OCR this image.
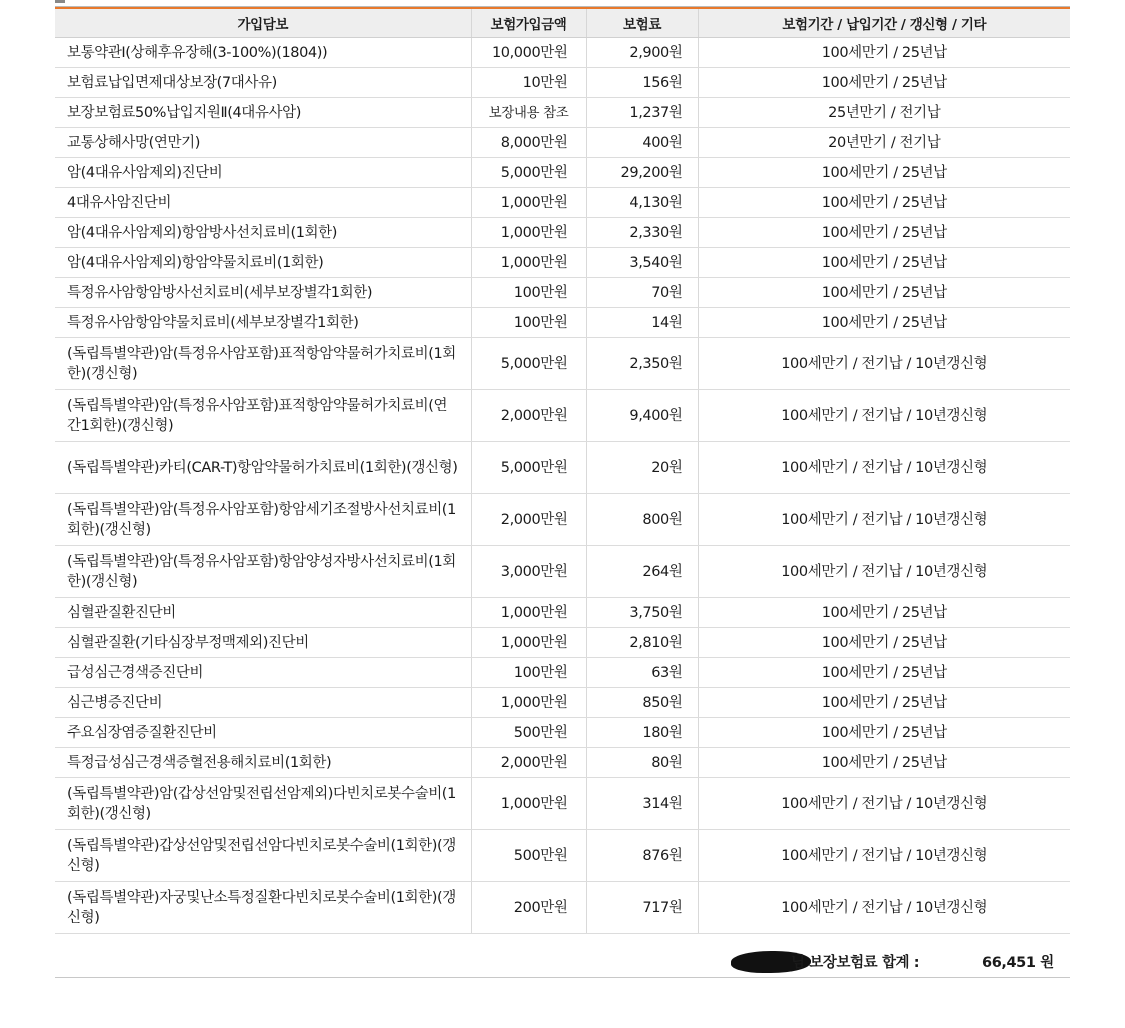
가입담보	보험가입금액	보험료	보험기간 / 납입기간 / 갱신형 / 기타
보통약관Ⅰ(상해후유장해(3-100%)(1804))	10,000만원	2,900원	100세만기 / 25년납
보험료납입면제대상보장(7대사유)	10만원	156원	100세만기 / 25년납
보장보험료50%납입지원Ⅱ(4대유사암)	보장내용 참조	1,237원	25년만기 / 전기납
교통상해사망(연만기)	8,000만원	400원	20년만기 / 전기납
암(4대유사암제외)진단비	5,000만원	29,200원	100세만기 / 25년납
4대유사암진단비	1,000만원	4,130원	100세만기 / 25년납
암(4대유사암제외)항암방사선치료비(1회한)	1,000만원	2,330원	100세만기 / 25년납
암(4대유사암제외)항암약물치료비(1회한)	1,000만원	3,540원	100세만기 / 25년납
특정유사암항암방사선치료비(세부보장별각1회한)	100만원	70원	100세만기 / 25년납
특정유사암항암약물치료비(세부보장별각1회한)	100만원	14원	100세만기 / 25년납
(독립특별약관)암(특정유사암포함)표적항암약물허가치료비(1회한)(갱신형)	5,000만원	2,350원	100세만기 / 전기납 / 10년갱신형
(독립특별약관)암(특정유사암포함)표적항암약물허가치료비(연간1회한)(갱신형)	2,000만원	9,400원	100세만기 / 전기납 / 10년갱신형
(독립특별약관)카티(CAR-T)항암약물허가치료비(1회한)(갱신형)	5,000만원	20원	100세만기 / 전기납 / 10년갱신형
(독립특별약관)암(특정유사암포함)항암세기조절방사선치료비(1회한)(갱신형)	2,000만원	800원	100세만기 / 전기납 / 10년갱신형
(독립특별약관)암(특정유사암포함)항암양성자방사선치료비(1회한)(갱신형)	3,000만원	264원	100세만기 / 전기납 / 10년갱신형
심혈관질환진단비	1,000만원	3,750원	100세만기 / 25년납
심혈관질환(기타심장부정맥제외)진단비	1,000만원	2,810원	100세만기 / 25년납
급성심근경색증진단비	100만원	63원	100세만기 / 25년납
심근병증진단비	1,000만원	850원	100세만기 / 25년납
주요심장염증질환진단비	500만원	180원	100세만기 / 25년납
특정급성심근경색증혈전용해치료비(1회한)	2,000만원	80원	100세만기 / 25년납
(독립특별약관)암(갑상선암및전립선암제외)다빈치로봇수술비(1회한)(갱신형)	1,000만원	314원	100세만기 / 전기납 / 10년갱신형
(독립특별약관)갑상선암및전립선암다빈치로봇수술비(1회한)(갱신형)	500만원	876원	100세만기 / 전기납 / 10년갱신형
(독립특별약관)자궁및난소특정질환다빈치로봇수술비(1회한)(갱신형)	200만원	717원	100세만기 / 전기납 / 10년갱신형
님 보장보험료 합계 :	66,451 원
